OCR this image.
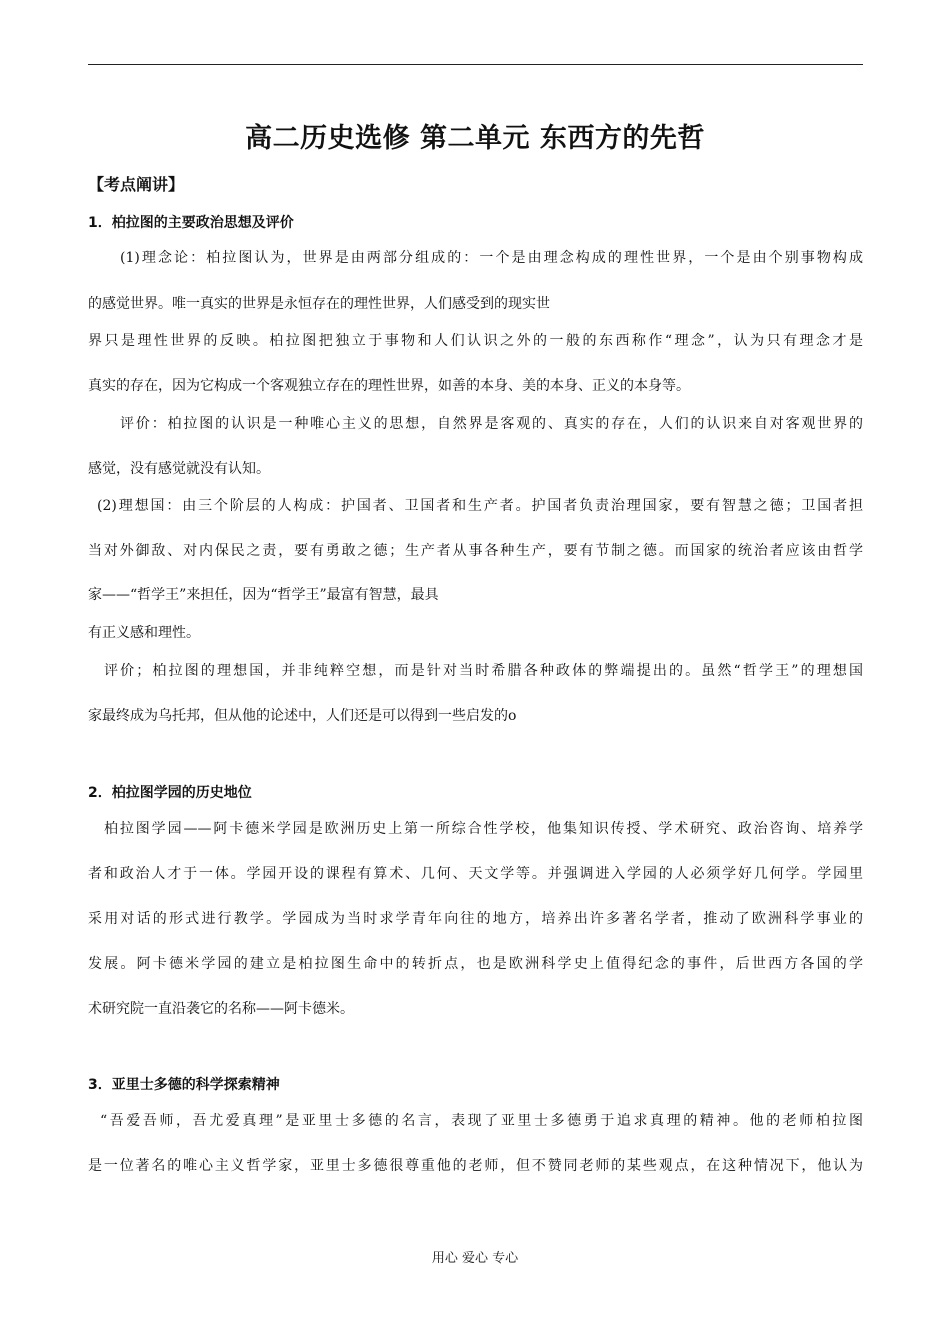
高二历史选修 第二单元 东西方的先哲
【考点阐讲】
1．柏拉图的主要政治思想及评价
(1)理念论：柏拉图认为，世界是由两部分组成的：一个是由理念构成的理性世界，一个是由个别事物构成
的感觉世界。唯一真实的世界是永恒存在的理性世界，人们感受到的现实世
界只是理性世界的反映。柏拉图把独立于事物和人们认识之外的一般的东西称作“理念”，认为只有理念才是
真实的存在，因为它构成一个客观独立存在的理性世界，如善的本身、美的本身、正义的本身等。
评价：柏拉图的认识是一种唯心主义的思想，自然界是客观的、真实的存在，人们的认识来自对客观世界的
感觉，没有感觉就没有认知。
(2)理想国：由三个阶层的人构成：护国者、卫国者和生产者。护国者负责治理国家，要有智慧之德；卫国者担
当对外御敌、对内保民之责，要有勇敢之德；生产者从事各种生产，要有节制之德。而国家的统治者应该由哲学
家——“哲学王”来担任，因为“哲学王”最富有智慧，最具
有正义感和理性。
评价；柏拉图的理想国，并非纯粹空想，而是针对当时希腊各种政体的弊端提出的。虽然“哲学王”的理想国
家最终成为乌托邦，但从他的论述中，人们还是可以得到一些启发的o
2．柏拉图学园的历史地位
柏拉图学园——阿卡德米学园是欧洲历史上第一所综合性学校，他集知识传授、学术研究、政治咨询、培养学
者和政治人才于一体。学园开设的课程有算术、几何、天文学等。并强调进入学园的人必须学好几何学。学园里
采用对话的形式进行教学。学园成为当时求学青年向往的地方，培养出许多著名学者，推动了欧洲科学事业的
发展。阿卡德米学园的建立是柏拉图生命中的转折点，也是欧洲科学史上值得纪念的事件，后世西方各国的学
术研究院一直沿袭它的名称——阿卡德米。
3．亚里士多德的科学探索精神
“吾爱吾师，吾尤爱真理”是亚里士多德的名言，表现了亚里士多德勇于追求真理的精神。他的老师柏拉图
是一位著名的唯心主义哲学家，亚里士多德很尊重他的老师，但不赞同老师的某些观点，在这种情况下，他认为
用心 爱心 专心
